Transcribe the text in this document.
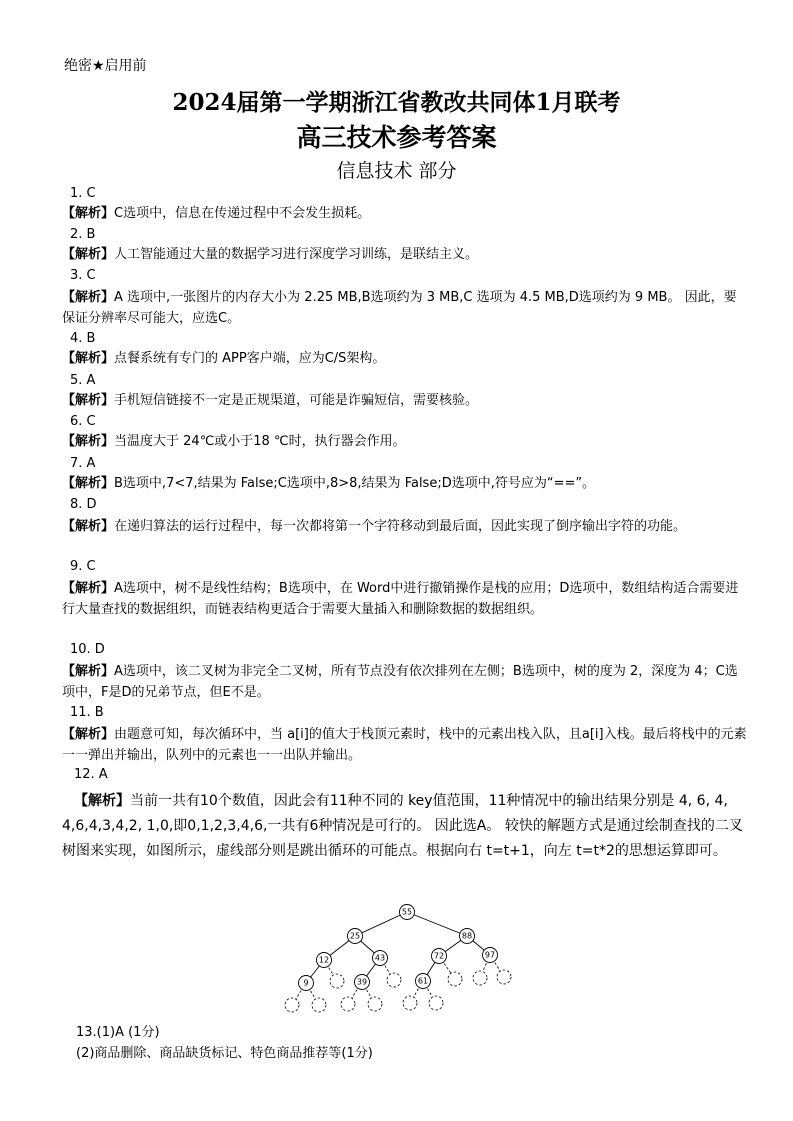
绝密★启用前
2024届第一学期浙江省教改共同体1月联考
高三技术参考答案
信息技术 部分
1. C
【解析】C选项中，信息在传递过程中不会发生损耗。
2. B
【解析】人工智能通过大量的数据学习进行深度学习训练，是联结主义。
3. C
【解析】A 选项中,一张图片的内存大小为 2.25 MB,B选项约为 3 MB,C 选项为 4.5 MB,D选项约为 9 MB。 因此，要保证分辨率尽可能大，应选C。
4. B
【解析】点餐系统有专门的 APP客户端，应为C/S架构。
5. A
【解析】手机短信链接不一定是正规渠道，可能是诈骗短信，需要核验。
6. C
【解析】当温度大于 24℃或小于18 ℃时，执行器会作用。
7. A
【解析】B选项中,7<7,结果为 False;C选项中,8>8,结果为 False;D选项中,符号应为“==”。
8. D
【解析】在递归算法的运行过程中，每一次都将第一个字符移动到最后面，因此实现了倒序输出字符的功能。
9. C
【解析】A选项中，树不是线性结构；B选项中，在 Word中进行撤销操作是栈的应用；D选项中，数组结构适合需要进行大量查找的数据组织，而链表结构更适合于需要大量插入和删除数据的数据组织。
10. D
【解析】A选项中，该二叉树为非完全二叉树，所有节点没有依次排列在左侧；B选项中，树的度为 2，深度为 4；C选项中，F是D的兄弟节点，但E不是。
11. B
【解析】由题意可知，每次循环中，当 a[i]的值大于栈顶元素时，栈中的元素出栈入队，且a[i]入栈。最后将栈中的元素一一弹出并输出，队列中的元素也一一出队并输出。
12. A
【解析】当前一共有10个数值，因此会有11种不同的 key值范围，11种情况中的输出结果分别是 4, 6, 4, 4,6,4,3,4,2, 1,0,即0,1,2,3,4,6,一共有6种情况是可行的。 因此选A。 较快的解题方式是通过绘制查找的二叉树图来实现，如图所示，虚线部分则是跳出循环的可能点。根据向右 t=t+1，向左 t=t*2的思想运算即可。
55
25	88
12	43	72	97
9	39	61
13.(1)A (1分)
(2)商品删除、商品缺货标记、特色商品推荐等(1分)
